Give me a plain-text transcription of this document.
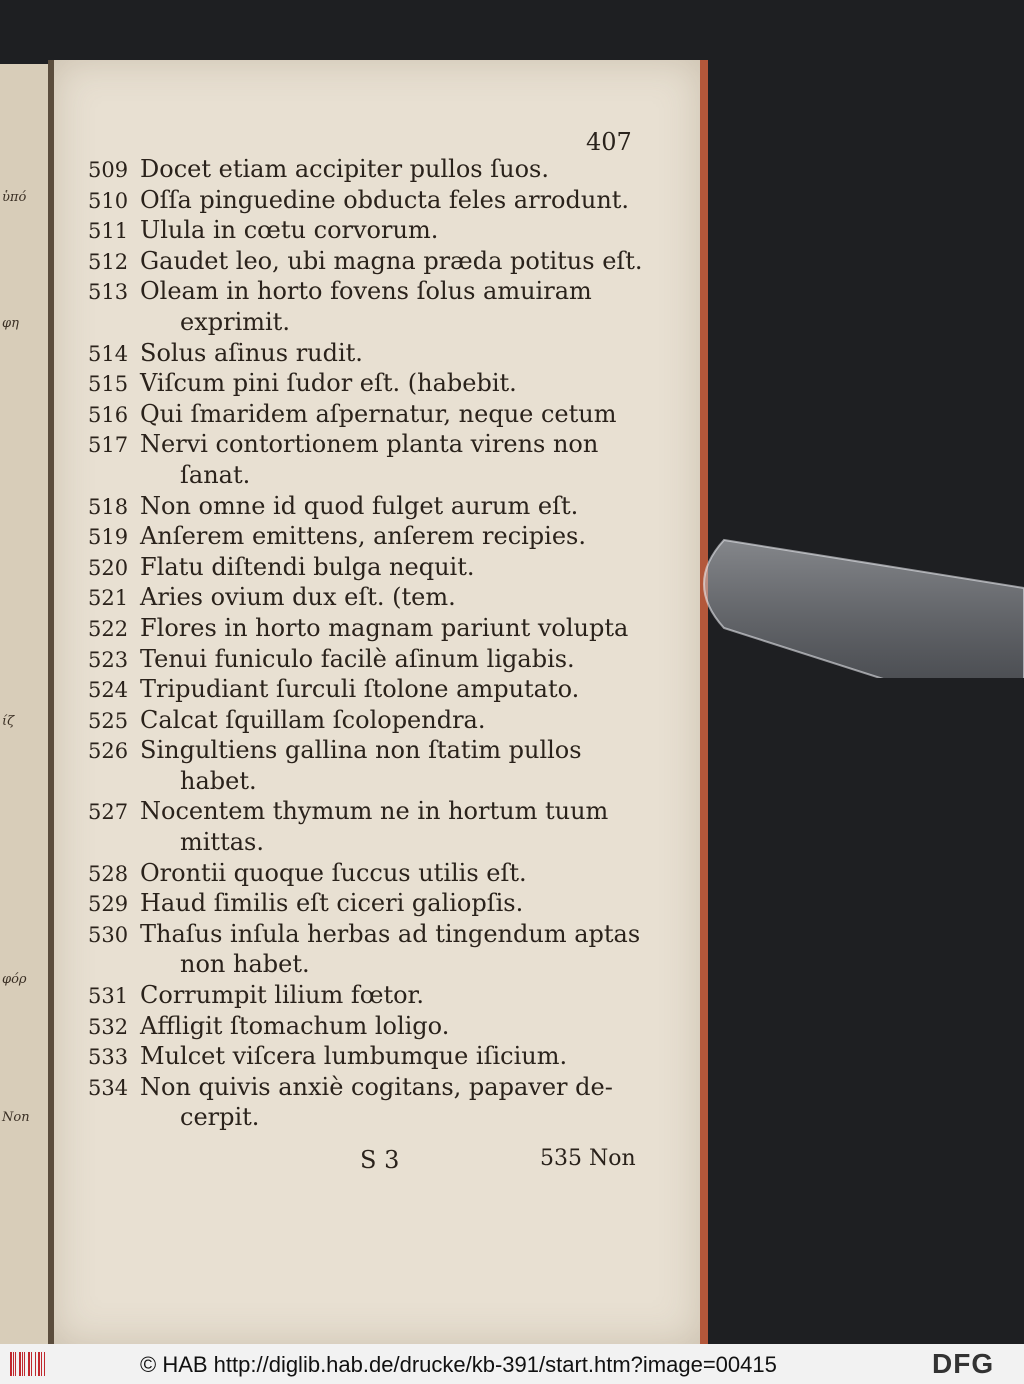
ὑπό
φη
ίζ
φόρ
Non
407
509 Docet etiam accipiter pullos ſuos.
510 Oſſa pinguedine obducta feles arrodunt.
511 Ulula in cœtu corvorum.
512 Gaudet leo, ubi magna præda potitus eſt.
513 Oleam in horto fovens ſolus amuiram
exprimit.
514 Solus aſinus rudit.
515 Viſcum pini ſudor eſt. (habebit.
516 Qui ſmaridem aſpernatur, neque cetum
517 Nervi contortionem planta virens non
ſanat.
518 Non omne id quod fulget aurum eſt.
519 Anſerem emittens, anſerem recipies.
520 Flatu diſtendi bulga nequit.
521 Aries ovium dux eſt. (tem.
522 Flores in horto magnam pariunt volupta
523 Tenui funiculo facilè aſinum ligabis.
524 Tripudiant ſurculi ſtolone amputato.
525 Calcat ſquillam ſcolopendra.
526 Singultiens gallina non ſtatim pullos
habet.
527 Nocentem thymum ne in hortum tuum
mittas.
528 Orontii quoque ſuccus utilis eſt.
529 Haud ſimilis eſt ciceri galiopſis.
530 Thaſus inſula herbas ad tingendum aptas
non habet.
531 Corrumpit lilium fœtor.
532 Affligit ſtomachum loligo.
533 Mulcet viſcera lumbumque iſicium.
534 Non quivis anxiè cogitans, papaver de-
cerpit.
S 3	535 Non
© HAB http://diglib.hab.de/drucke/kb-391/start.htm?image=00415	DFG
